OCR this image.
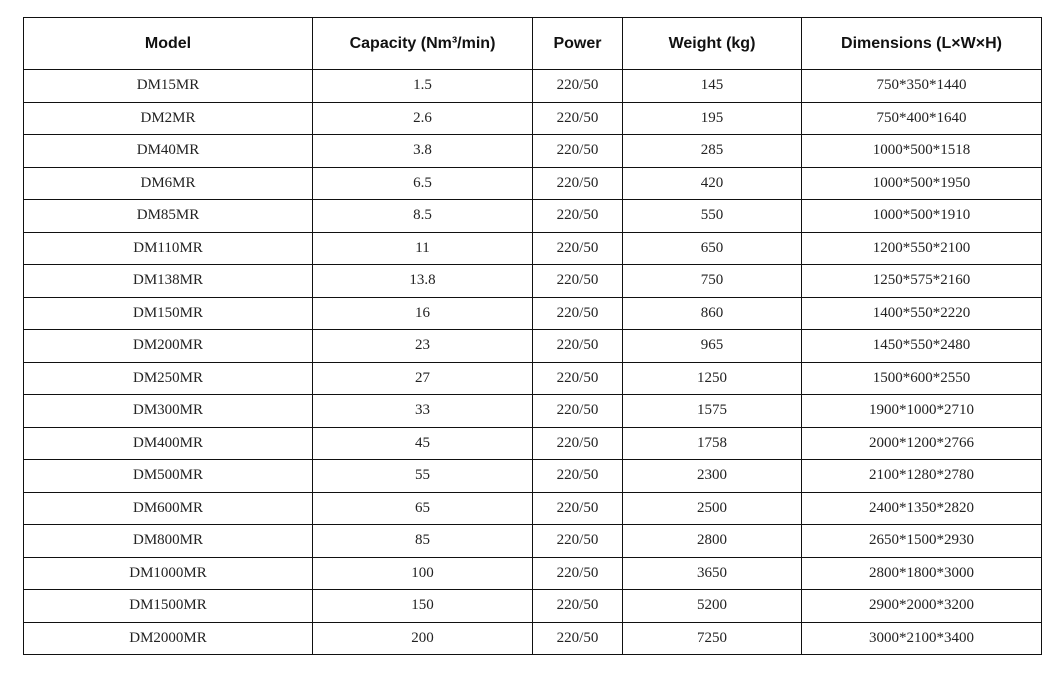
Model	Capacity (Nm³/min)	Power	Weight (kg)	Dimensions (L×W×H)
DM15MR	1.5	220/50	145	750*350*1440
DM2MR	2.6	220/50	195	750*400*1640
DM40MR	3.8	220/50	285	1000*500*1518
DM6MR	6.5	220/50	420	1000*500*1950
DM85MR	8.5	220/50	550	1000*500*1910
DM110MR	11	220/50	650	1200*550*2100
DM138MR	13.8	220/50	750	1250*575*2160
DM150MR	16	220/50	860	1400*550*2220
DM200MR	23	220/50	965	1450*550*2480
DM250MR	27	220/50	1250	1500*600*2550
DM300MR	33	220/50	1575	1900*1000*2710
DM400MR	45	220/50	1758	2000*1200*2766
DM500MR	55	220/50	2300	2100*1280*2780
DM600MR	65	220/50	2500	2400*1350*2820
DM800MR	85	220/50	2800	2650*1500*2930
DM1000MR	100	220/50	3650	2800*1800*3000
DM1500MR	150	220/50	5200	2900*2000*3200
DM2000MR	200	220/50	7250	3000*2100*3400
